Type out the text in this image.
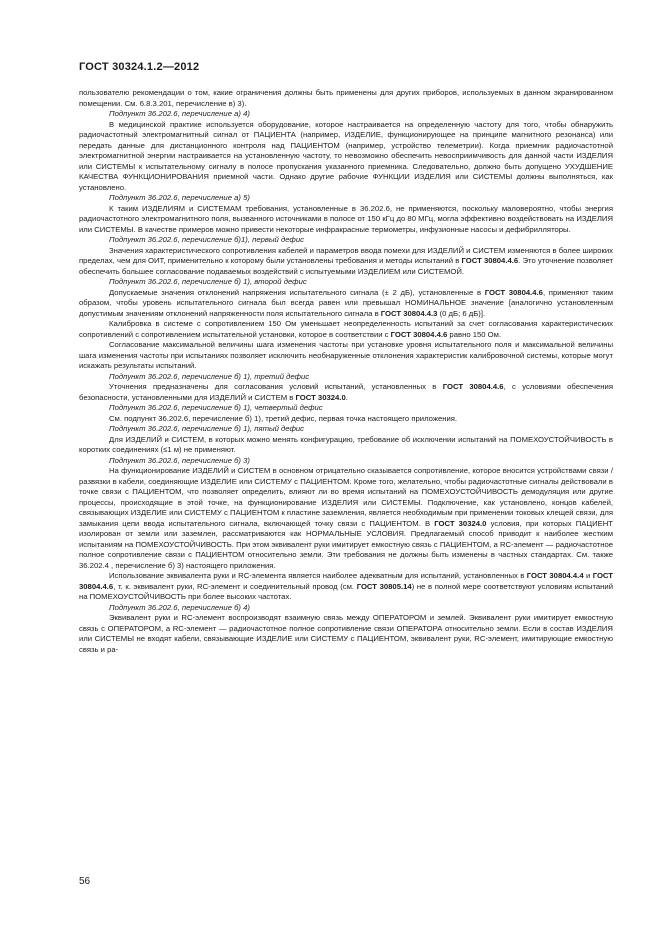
ГОСТ 30324.1.2—2012

пользователю рекомендации о том, какие ограничения должны быть применены для других приборов, используемых в данном экранированном помещении. См. 6.8.3.201, перечисление в) 3).

Подпункт 36.202.6, перечисление а) 4)

В медицинской практике используется оборудование, которое настраивается на определенную частоту для того, чтобы обнаружить радиочастотный электромагнитный сигнал от ПАЦИЕНТА (например, ИЗДЕЛИЕ, функционирующее на принципе магнитного резонанса) или передать данные для дистанционного контроля над ПАЦИЕНТОМ (например, устройство телеметрии). Когда приемник радиочастотной электромагнитной энергии настраивается на установленную частоту, то невозможно обеспечить невосприимчивость для данной части ИЗДЕЛИЯ или СИСТЕМЫ к испытательному сигналу в полосе пропускания указанного приемника. Следовательно, должно быть допущено УХУДШЕНИЕ КАЧЕСТВА ФУНКЦИОНИРОВАНИЯ приемной части. Однако другие рабочие ФУНКЦИИ ИЗДЕЛИЯ или СИСТЕМЫ должны выполняться, как установлено.

Подпункт 36.202.6, перечисление а) 5)

К таким ИЗДЕЛИЯМ и СИСТЕМАМ требования, установленные в 36.202.6, не применяются, поскольку маловероятно, чтобы энергия радиочастотного электромагнитного поля, вызванного источниками в полосе от 150 кГц до 80 МГц, могла эффективно воздействовать на ИЗДЕЛИЯ или СИСТЕМЫ. В качестве примеров можно привести некоторые инфракрасные термометры, инфузионные насосы и дефибрилляторы.

Подпункт 36.202.6, перечисление б)1), первый дефис

Значения характеристического сопротивления кабелей и параметров ввода помехи для ИЗДЕЛИЙ и СИСТЕМ изменяются в более широких пределах, чем для ОИТ, применительно к которому были установлены требования и методы испытаний в ГОСТ 30804.4.6. Это уточнение позволяет обеспечить большее согласование подаваемых воздействий с испытуемыми ИЗДЕЛИЕМ или СИСТЕМОЙ.

Подпункт 36.202.6, перечисление б) 1), второй дефис

Допускаемые значения отклонений напряжения испытательного сигнала (± 2 дБ), установленные в ГОСТ 30804.4.6, применяют таким образом, чтобы уровень испытательного сигнала был всегда равен или превышал НОМИНАЛЬНОЕ значение [аналогично установленным допустимым значениям отклонений напряженности поля испытательного сигнала в ГОСТ 30804.4.3 (0 дБ; 6 дБ)].

Калибровка в системе с сопротивлением 150 Ом уменьшает неопределенность испытаний за счет согласования характеристических сопротивлений с сопротивлением испытательной установки, которое в соответствии с ГОСТ 30804.4.6 равно 150 Ом.

Согласование максимальной величины шага изменения частоты при установке уровня испытательного поля и максимальной величины шага изменения частоты при испытаниях позволяет исключить необнаруженные отклонения характеристик калибровочной системы, которые могут искажать результаты испытаний.

Подпункт 36.202.6, перечисление б) 1), третий дефис

Уточнения предназначены для согласования условий испытаний, установленных в ГОСТ 30804.4.6, с условиями обеспечения безопасности, установленными для ИЗДЕЛИЙ и СИСТЕМ в ГОСТ 30324.0.

Подпункт 36.202.6, перечисление б) 1), четвертый дефис

См. подпункт 36.202.6, перечисление б) 1), третий дефис, первая точка настоящего приложения.

Подпункт 36.202.6, перечисление б) 1), пятый дефис

Для ИЗДЕЛИЙ и СИСТЕМ, в которых можно менять конфигурацию, требование об исключении испытаний на ПОМЕХОУСТОЙЧИВОСТЬ в коротких соединениях (≤1 м) не применяют.

Подпункт 36.202.6, перечисление б) 3)

На функционирование ИЗДЕЛИЙ и СИСТЕМ в основном отрицательно сказывается сопротивление, которое вносится устройствами связи / развязки в кабели, соединяющие ИЗДЕЛИЕ или СИСТЕМУ с ПАЦИЕНТОМ. Кроме того, желательно, чтобы радиочастотные сигналы действовали в точке связи с ПАЦИЕНТОМ, что позволяет определить, влияют ли во время испытаний на ПОМЕХОУСТОЙЧИВОСТЬ демодуляция или другие процессы, происходящие в этой точке, на функционирование ИЗДЕЛИЯ или СИСТЕМЫ. Подключение, как установлено, концов кабелей, связывающих ИЗДЕЛИЕ или СИСТЕМУ с ПАЦИЕНТОМ к пластине заземления, является необходимым при применении токовых клещей связи, для замыкания цепи ввода испытательного сигнала, включающей точку связи с ПАЦИЕНТОМ. В ГОСТ 30324.0 условия, при которых ПАЦИЕНТ изолирован от земли или заземлен, рассматриваются как НОРМАЛЬНЫЕ УСЛОВИЯ. Предлагаемый способ приводит к наиболее жестким испытаниям на ПОМЕХОУСТОЙЧИВОСТЬ. При этом эквивалент руки имитирует емкостную связь с ПАЦИЕНТОМ, а RC-элемент — радиочастотное полное сопротивление связи с ПАЦИЕНТОМ относительно земли. Эти требования не должны быть изменены в частных стандартах. См. также 36.202.4 , перечисление б) 3) настоящего приложения.

Использование эквивалента руки и RC-элемента является наиболее адекватным для испытаний, установленных в ГОСТ 30804.4.4 и ГОСТ 30804.4.6, т. к. эквивалент руки, RC-элемент и соединительный провод (см. ГОСТ 30805.14) не в полной мере соответствуют условиям испытаний на ПОМЕХОУСТОЙЧИВОСТЬ при более высоких частотах.

Подпункт 36.202.6, перечисление б) 4)

Эквивалент руки и RC-элемент воспроизводят взаимную связь между ОПЕРАТОРОМ и землей. Эквивалент руки имитирует емкостную связь с ОПЕРАТОРОМ, а RC-элемент — радиочастотное полное сопротивление связи ОПЕРАТОРА относительно земли. Если в состав ИЗДЕЛИЯ или СИСТЕМЫ не входят кабели, связывающие ИЗДЕЛИЕ или СИСТЕМУ с ПАЦИЕНТОМ, эквивалент руки, RC-элемент, имитирующие емкостную связь и ра-

56
